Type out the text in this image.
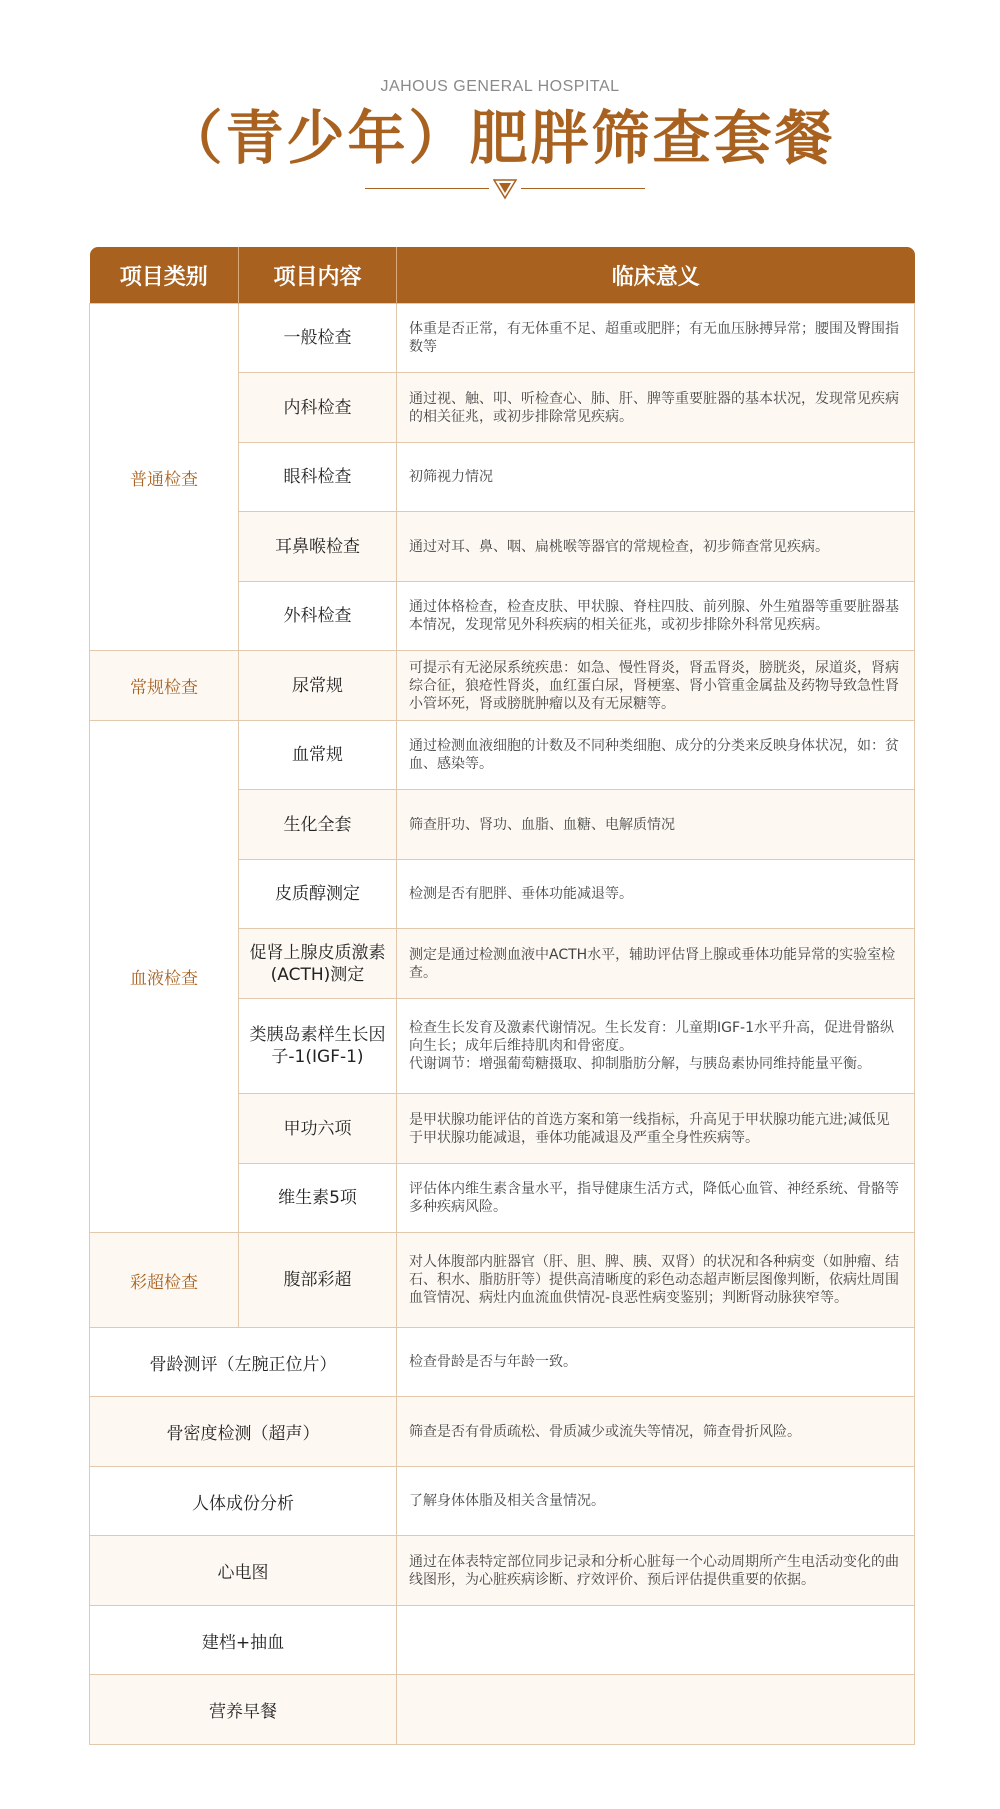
JAHOUS GENERAL HOSPITAL
（青少年）肥胖筛查套餐
项目类别	项目内容	临床意义
普通检查	一般检查	体重是否正常，有无体重不足、超重或肥胖；有无血压脉搏异常；腰围及臀围指数等
	内科检查	通过视、触、叩、听检查心、肺、肝、脾等重要脏器的基本状况，发现常见疾病的相关征兆，或初步排除常见疾病。
	眼科检查	初筛视力情况
	耳鼻喉检查	通过对耳、鼻、咽、扁桃喉等器官的常规检查，初步筛查常见疾病。
	外科检查	通过体格检查，检查皮肤、甲状腺、脊柱四肢、前列腺、外生殖器等重要脏器基本情况，发现常见外科疾病的相关征兆，或初步排除外科常见疾病。
常规检查	尿常规	可提示有无泌尿系统疾患：如急、慢性肾炎，肾盂肾炎，膀胱炎，尿道炎，肾病综合征，狼疮性肾炎，血红蛋白尿，肾梗塞、肾小管重金属盐及药物导致急性肾小管坏死，肾或膀胱肿瘤以及有无尿糖等。
血液检查	血常规	通过检测血液细胞的计数及不同种类细胞、成分的分类来反映身体状况，如：贫血、感染等。
	生化全套	筛查肝功、肾功、血脂、血糖、电解质情况
	皮质醇测定	检测是否有肥胖、垂体功能减退等。
	促肾上腺皮质激素(ACTH)测定	测定是通过检测血液中ACTH水平，辅助评估肾上腺或垂体功能异常的实验室检查。
	类胰岛素样生长因子-1(IGF-1)	检查生长发育及激素代谢情况。生长发育：儿童期IGF-1水平升高，促进骨骼纵向生长；成年后维持肌肉和骨密度。
代谢调节：增强葡萄糖摄取、抑制脂肪分解，与胰岛素协同维持能量平衡。
	甲功六项	是甲状腺功能评估的首选方案和第一线指标，升高见于甲状腺功能亢进;减低见于甲状腺功能减退，垂体功能减退及严重全身性疾病等。
	维生素5项	评估体内维生素含量水平，指导健康生活方式，降低心血管、神经系统、骨骼等多种疾病风险。
彩超检查	腹部彩超	对人体腹部内脏器官（肝、胆、脾、胰、双肾）的状况和各种病变（如肿瘤、结石、积水、脂肪肝等）提供高清晰度的彩色动态超声断层图像判断，依病灶周围血管情况、病灶内血流血供情况-良恶性病变鉴别；判断肾动脉狭窄等。
骨龄测评（左腕正位片）		检查骨龄是否与年龄一致。
骨密度检测（超声）		筛查是否有骨质疏松、骨质减少或流失等情况，筛查骨折风险。
人体成份分析		了解身体体脂及相关含量情况。
心电图		通过在体表特定部位同步记录和分析心脏每一个心动周期所产生电活动变化的曲线图形，为心脏疾病诊断、疗效评价、预后评估提供重要的依据。
建档+抽血		
营养早餐		
